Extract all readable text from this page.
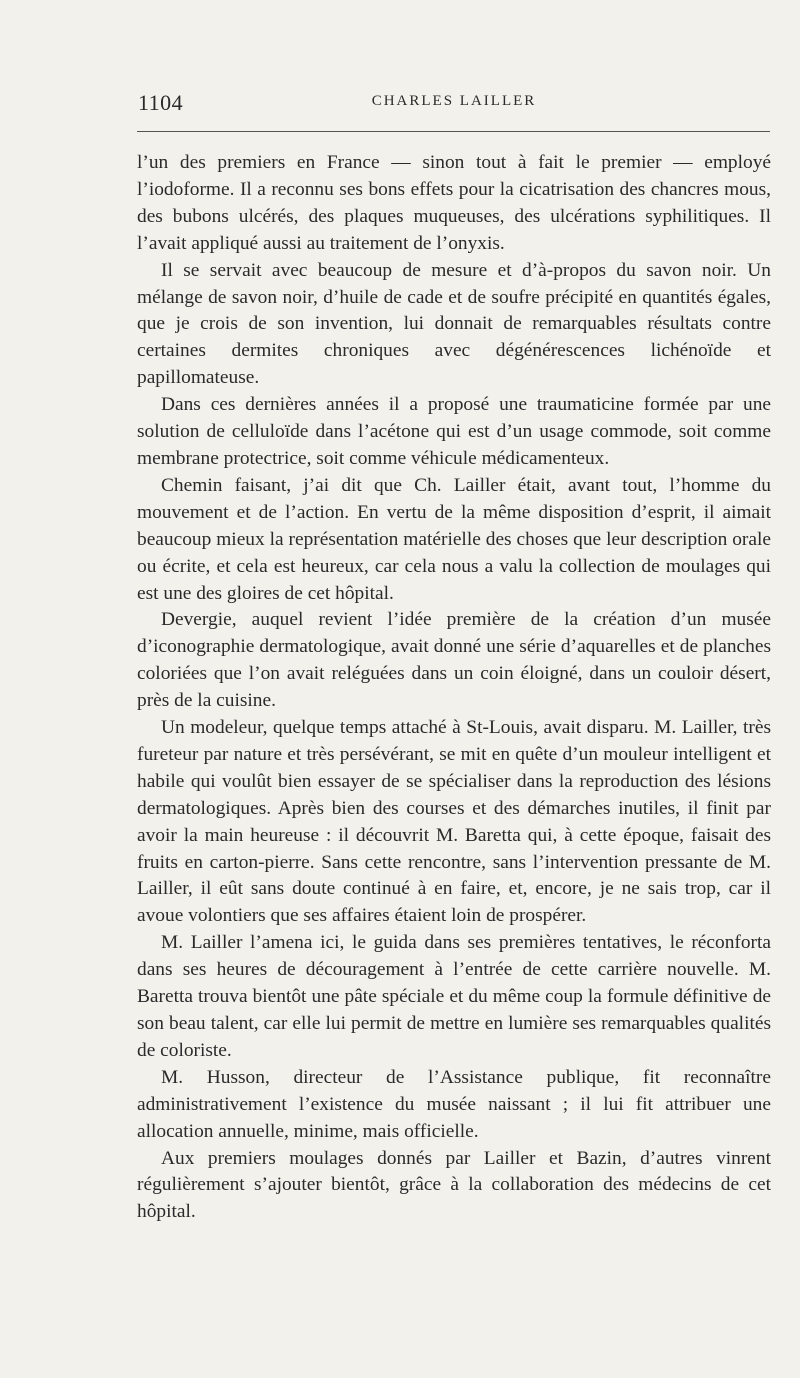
1104	CHARLES LAILLER

l’un des premiers en France — sinon tout à fait le premier — employé l’iodoforme. Il a reconnu ses bons effets pour la cicatrisation des chancres mous, des bubons ulcérés, des plaques muqueuses, des ulcérations syphilitiques. Il l’avait appliqué aussi au traitement de l’onyxis.

Il se servait avec beaucoup de mesure et d’à-propos du savon noir. Un mélange de savon noir, d’huile de cade et de soufre précipité en quantités égales, que je crois de son invention, lui donnait de remarquables résultats contre certaines dermites chroniques avec dégénérescences lichénoïde et papillomateuse.

Dans ces dernières années il a proposé une traumaticine formée par une solution de celluloïde dans l’acétone qui est d’un usage commode, soit comme membrane protectrice, soit comme véhicule médicamenteux.

Chemin faisant, j’ai dit que Ch. Lailler était, avant tout, l’homme du mouvement et de l’action. En vertu de la même disposition d’esprit, il aimait beaucoup mieux la représentation matérielle des choses que leur description orale ou écrite, et cela est heureux, car cela nous a valu la collection de moulages qui est une des gloires de cet hôpital.

Devergie, auquel revient l’idée première de la création d’un musée d’iconographie dermatologique, avait donné une série d’aquarelles et de planches coloriées que l’on avait reléguées dans un coin éloigné, dans un couloir désert, près de la cuisine.

Un modeleur, quelque temps attaché à St-Louis, avait disparu. M. Lailler, très fureteur par nature et très persévérant, se mit en quête d’un mouleur intelligent et habile qui voulût bien essayer de se spécialiser dans la reproduction des lésions dermatologiques. Après bien des courses et des démarches inutiles, il finit par avoir la main heureuse : il découvrit M. Baretta qui, à cette époque, faisait des fruits en carton-pierre. Sans cette rencontre, sans l’intervention pressante de M. Lailler, il eût sans doute continué à en faire, et, encore, je ne sais trop, car il avoue volontiers que ses affaires étaient loin de prospérer.

M. Lailler l’amena ici, le guida dans ses premières tentatives, le réconforta dans ses heures de découragement à l’entrée de cette carrière nouvelle. M. Baretta trouva bientôt une pâte spéciale et du même coup la formule définitive de son beau talent, car elle lui permit de mettre en lumière ses remarquables qualités de coloriste.

M. Husson, directeur de l’Assistance publique, fit reconnaître administrativement l’existence du musée naissant ; il lui fit attribuer une allocation annuelle, minime, mais officielle.

Aux premiers moulages donnés par Lailler et Bazin, d’autres vinrent régulièrement s’ajouter bientôt, grâce à la collaboration des médecins de cet hôpital.
